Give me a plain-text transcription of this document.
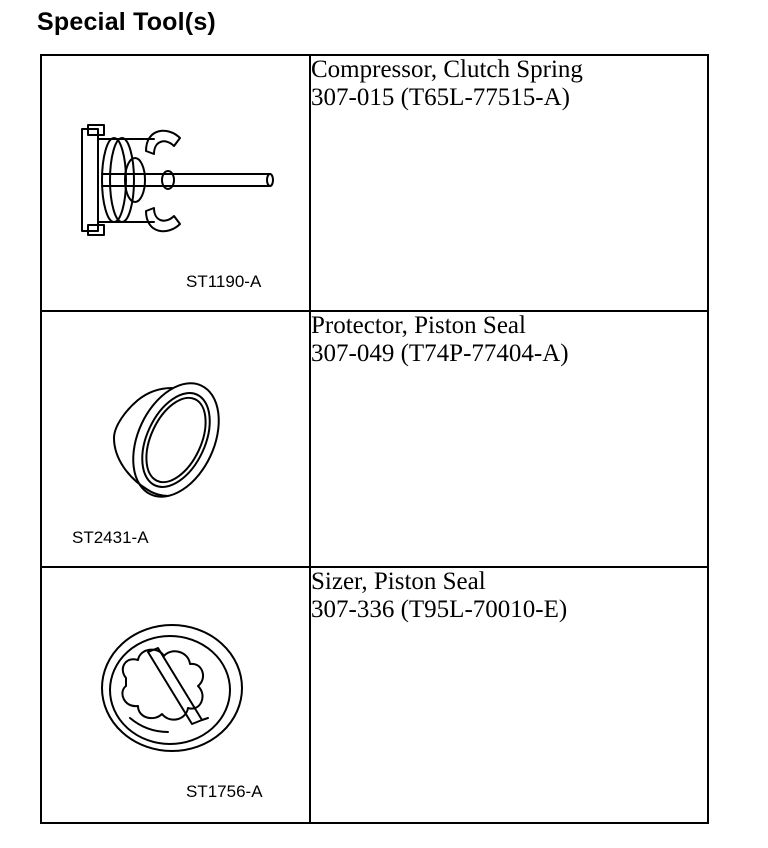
Special Tool(s)
ST1190-A	Compressor, Clutch Spring
307-015 (T65L-77515-A)

ST2431-A	Protector, Piston Seal
307-049 (T74P-77404-A)

ST1756-A	Sizer, Piston Seal
307-336 (T95L-70010-E)
